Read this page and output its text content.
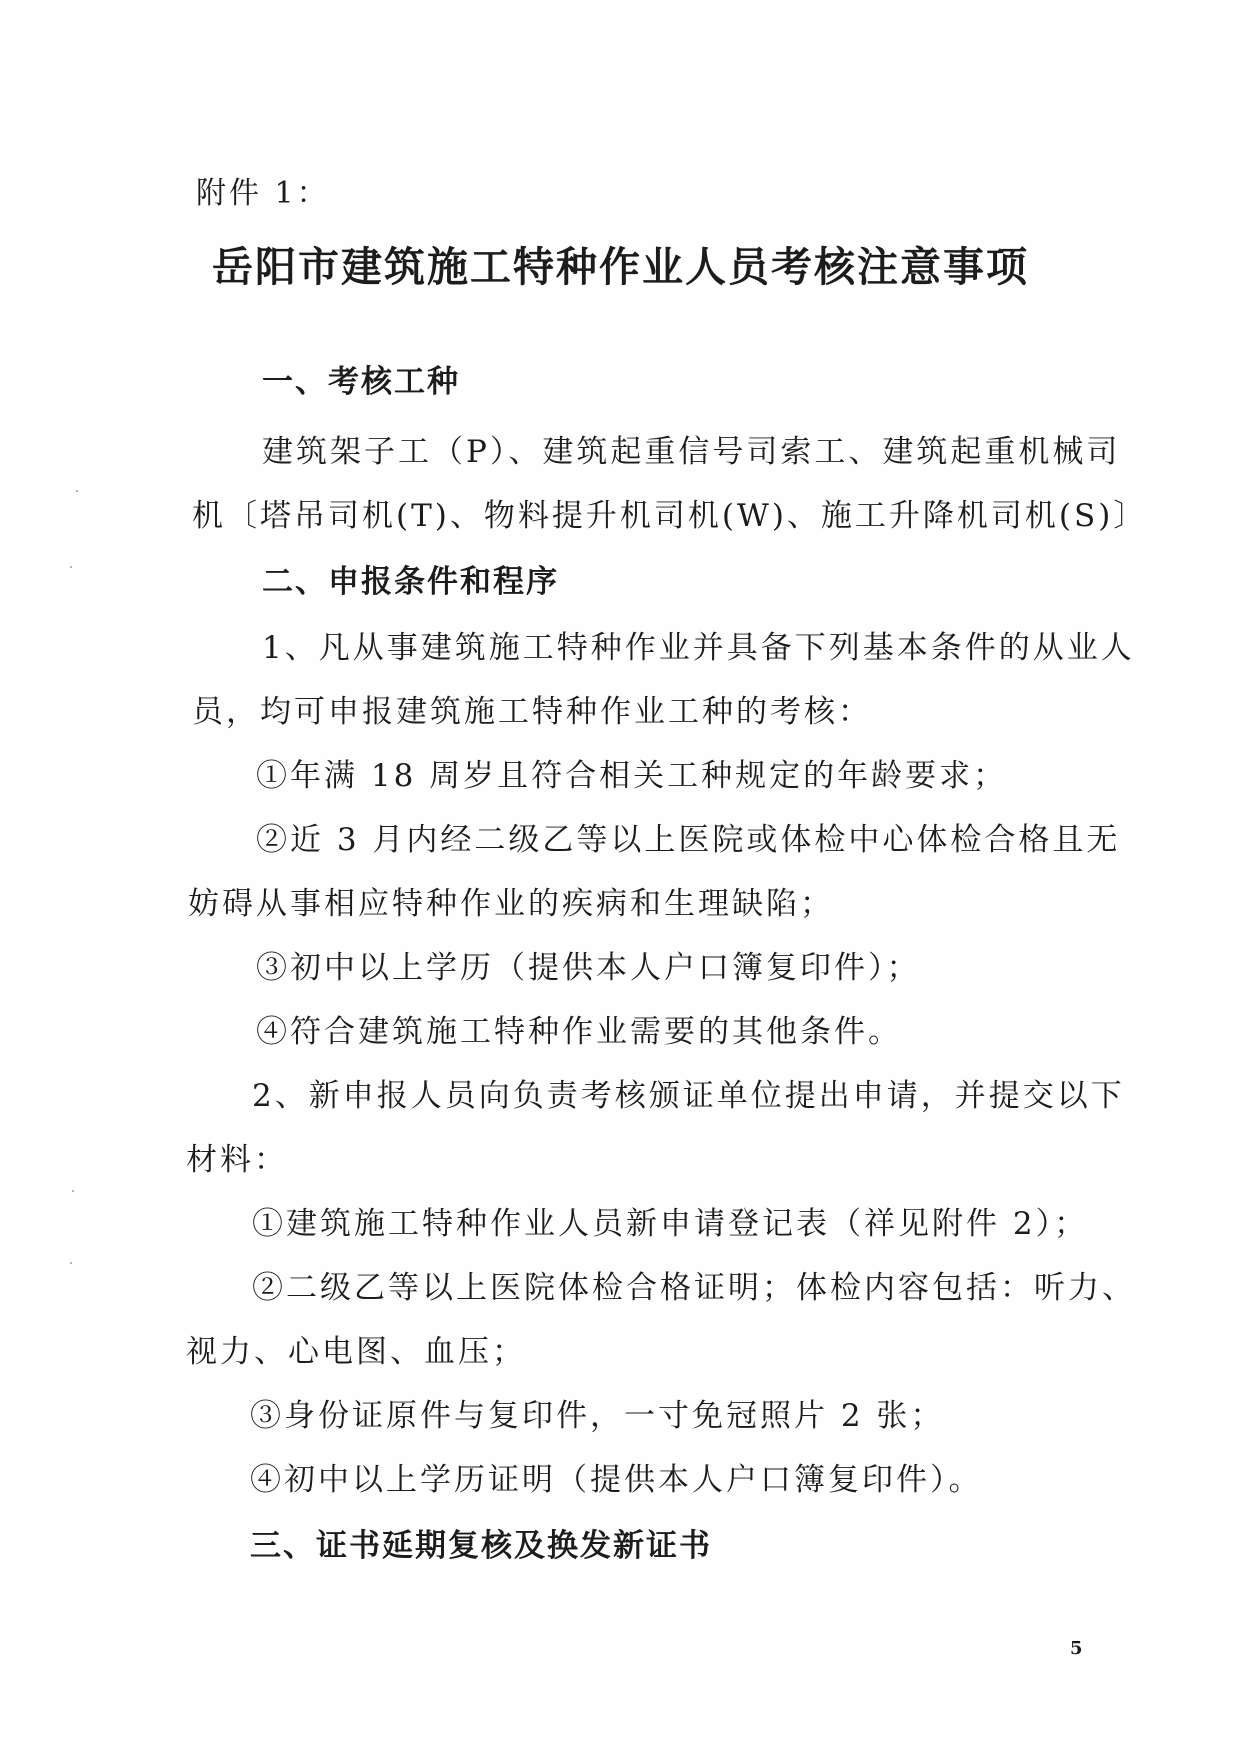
附件 1：
岳阳市建筑施工特种作业人员考核注意事项
一、考核工种
建筑架子工（P）、建筑起重信号司索工、建筑起重机械司
机〔塔吊司机(T)、物料提升机司机(W)、施工升降机司机(S)〕
二、申报条件和程序
1、凡从事建筑施工特种作业并具备下列基本条件的从业人
员，均可申报建筑施工特种作业工种的考核：
①年满 18 周岁且符合相关工种规定的年龄要求；
②近 3 月内经二级乙等以上医院或体检中心体检合格且无
妨碍从事相应特种作业的疾病和生理缺陷；
③初中以上学历（提供本人户口簿复印件）；
④符合建筑施工特种作业需要的其他条件。
2、新申报人员向负责考核颁证单位提出申请，并提交以下
材料：
①建筑施工特种作业人员新申请登记表（祥见附件 2）；
②二级乙等以上医院体检合格证明；体检内容包括：听力、
视力、心电图、血压；
③身份证原件与复印件，一寸免冠照片 2 张；
④初中以上学历证明（提供本人户口簿复印件）。
三、证书延期复核及换发新证书
5
